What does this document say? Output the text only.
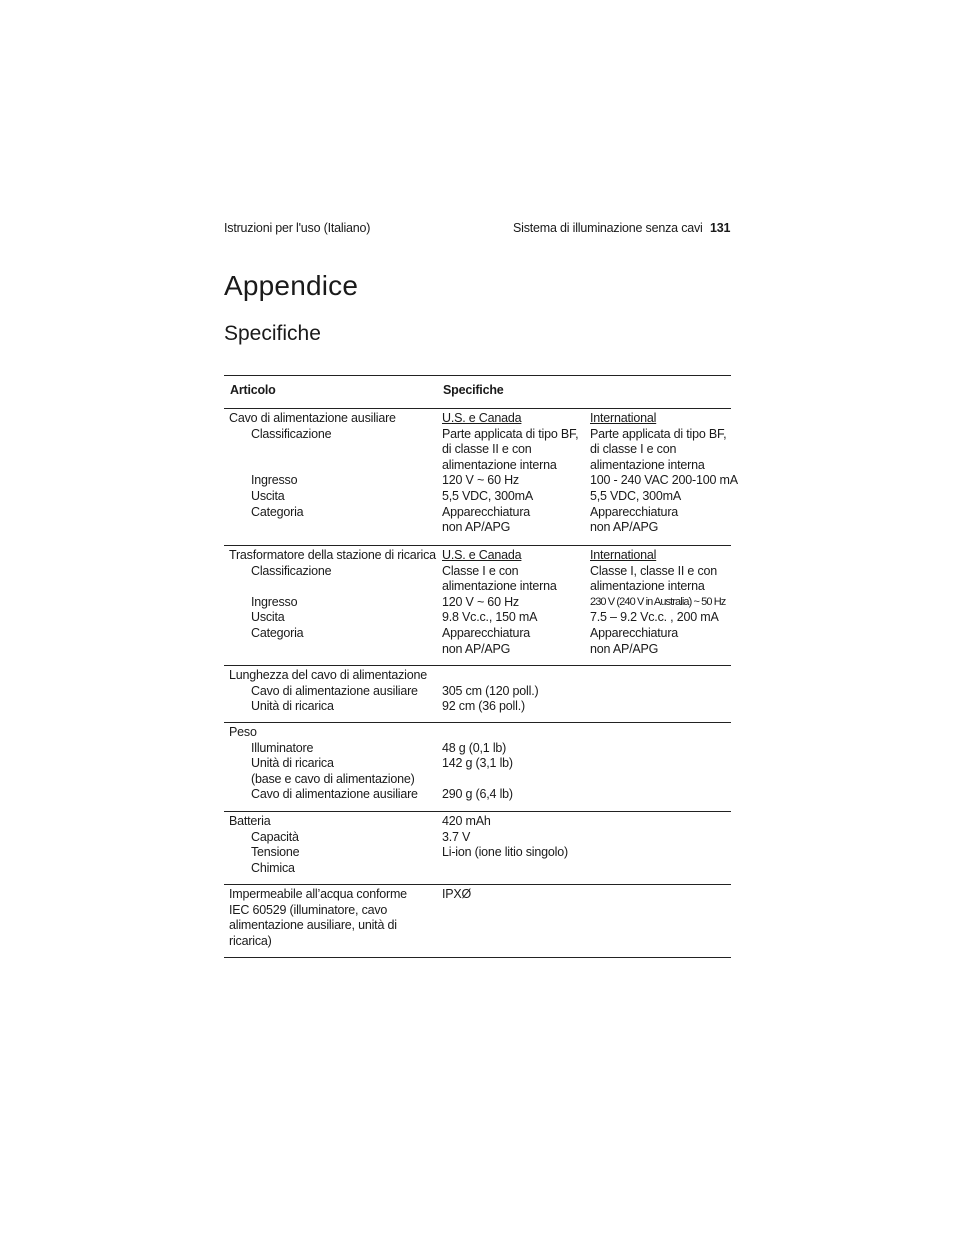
Istruzioni per l'uso (Italiano)	Sistema di illuminazione senza cavi 131
Appendice
Specifiche
Articolo	Specifiche
Cavo di alimentazione ausiliare
Classificazione
Ingresso
Uscita
Categoria
U.S. e Canada
Parte applicata di tipo BF,
di classe II e con
alimentazione interna
120 V ~ 60 Hz
5,5 VDC, 300mA
Apparecchiatura
non AP/APG
International
Parte applicata di tipo BF,
di classe I e con
alimentazione interna
100 - 240 VAC 200-100 mA
5,5 VDC, 300mA
Apparecchiatura
non AP/APG
Trasformatore della stazione di ricarica
Classificazione
Ingresso
Uscita
Categoria
U.S. e Canada
Classe I e con
alimentazione interna
120 V ~ 60 Hz
9.8 Vc.c., 150 mA
Apparecchiatura
non AP/APG
International
Classe I, classe II e con
alimentazione interna
230 V (240 V in Australia) ~ 50 Hz
7.5 – 9.2 Vc.c. , 200 mA
Apparecchiatura
non AP/APG
Lunghezza del cavo di alimentazione
Cavo di alimentazione ausiliare
Unità di ricarica
305 cm (120 poll.)
92 cm (36 poll.)
Peso
Illuminatore
Unità di ricarica
(base e cavo di alimentazione)
Cavo di alimentazione ausiliare
48 g (0,1 lb)
142 g (3,1 lb)
290 g (6,4 lb)
Batteria
Capacità
Tensione
Chimica
420 mAh
3.7 V
Li-ion (ione litio singolo)
Impermeabile all’acqua conforme
IEC 60529 (illuminatore, cavo
alimentazione ausiliare, unità di
ricarica)
IPXØ
